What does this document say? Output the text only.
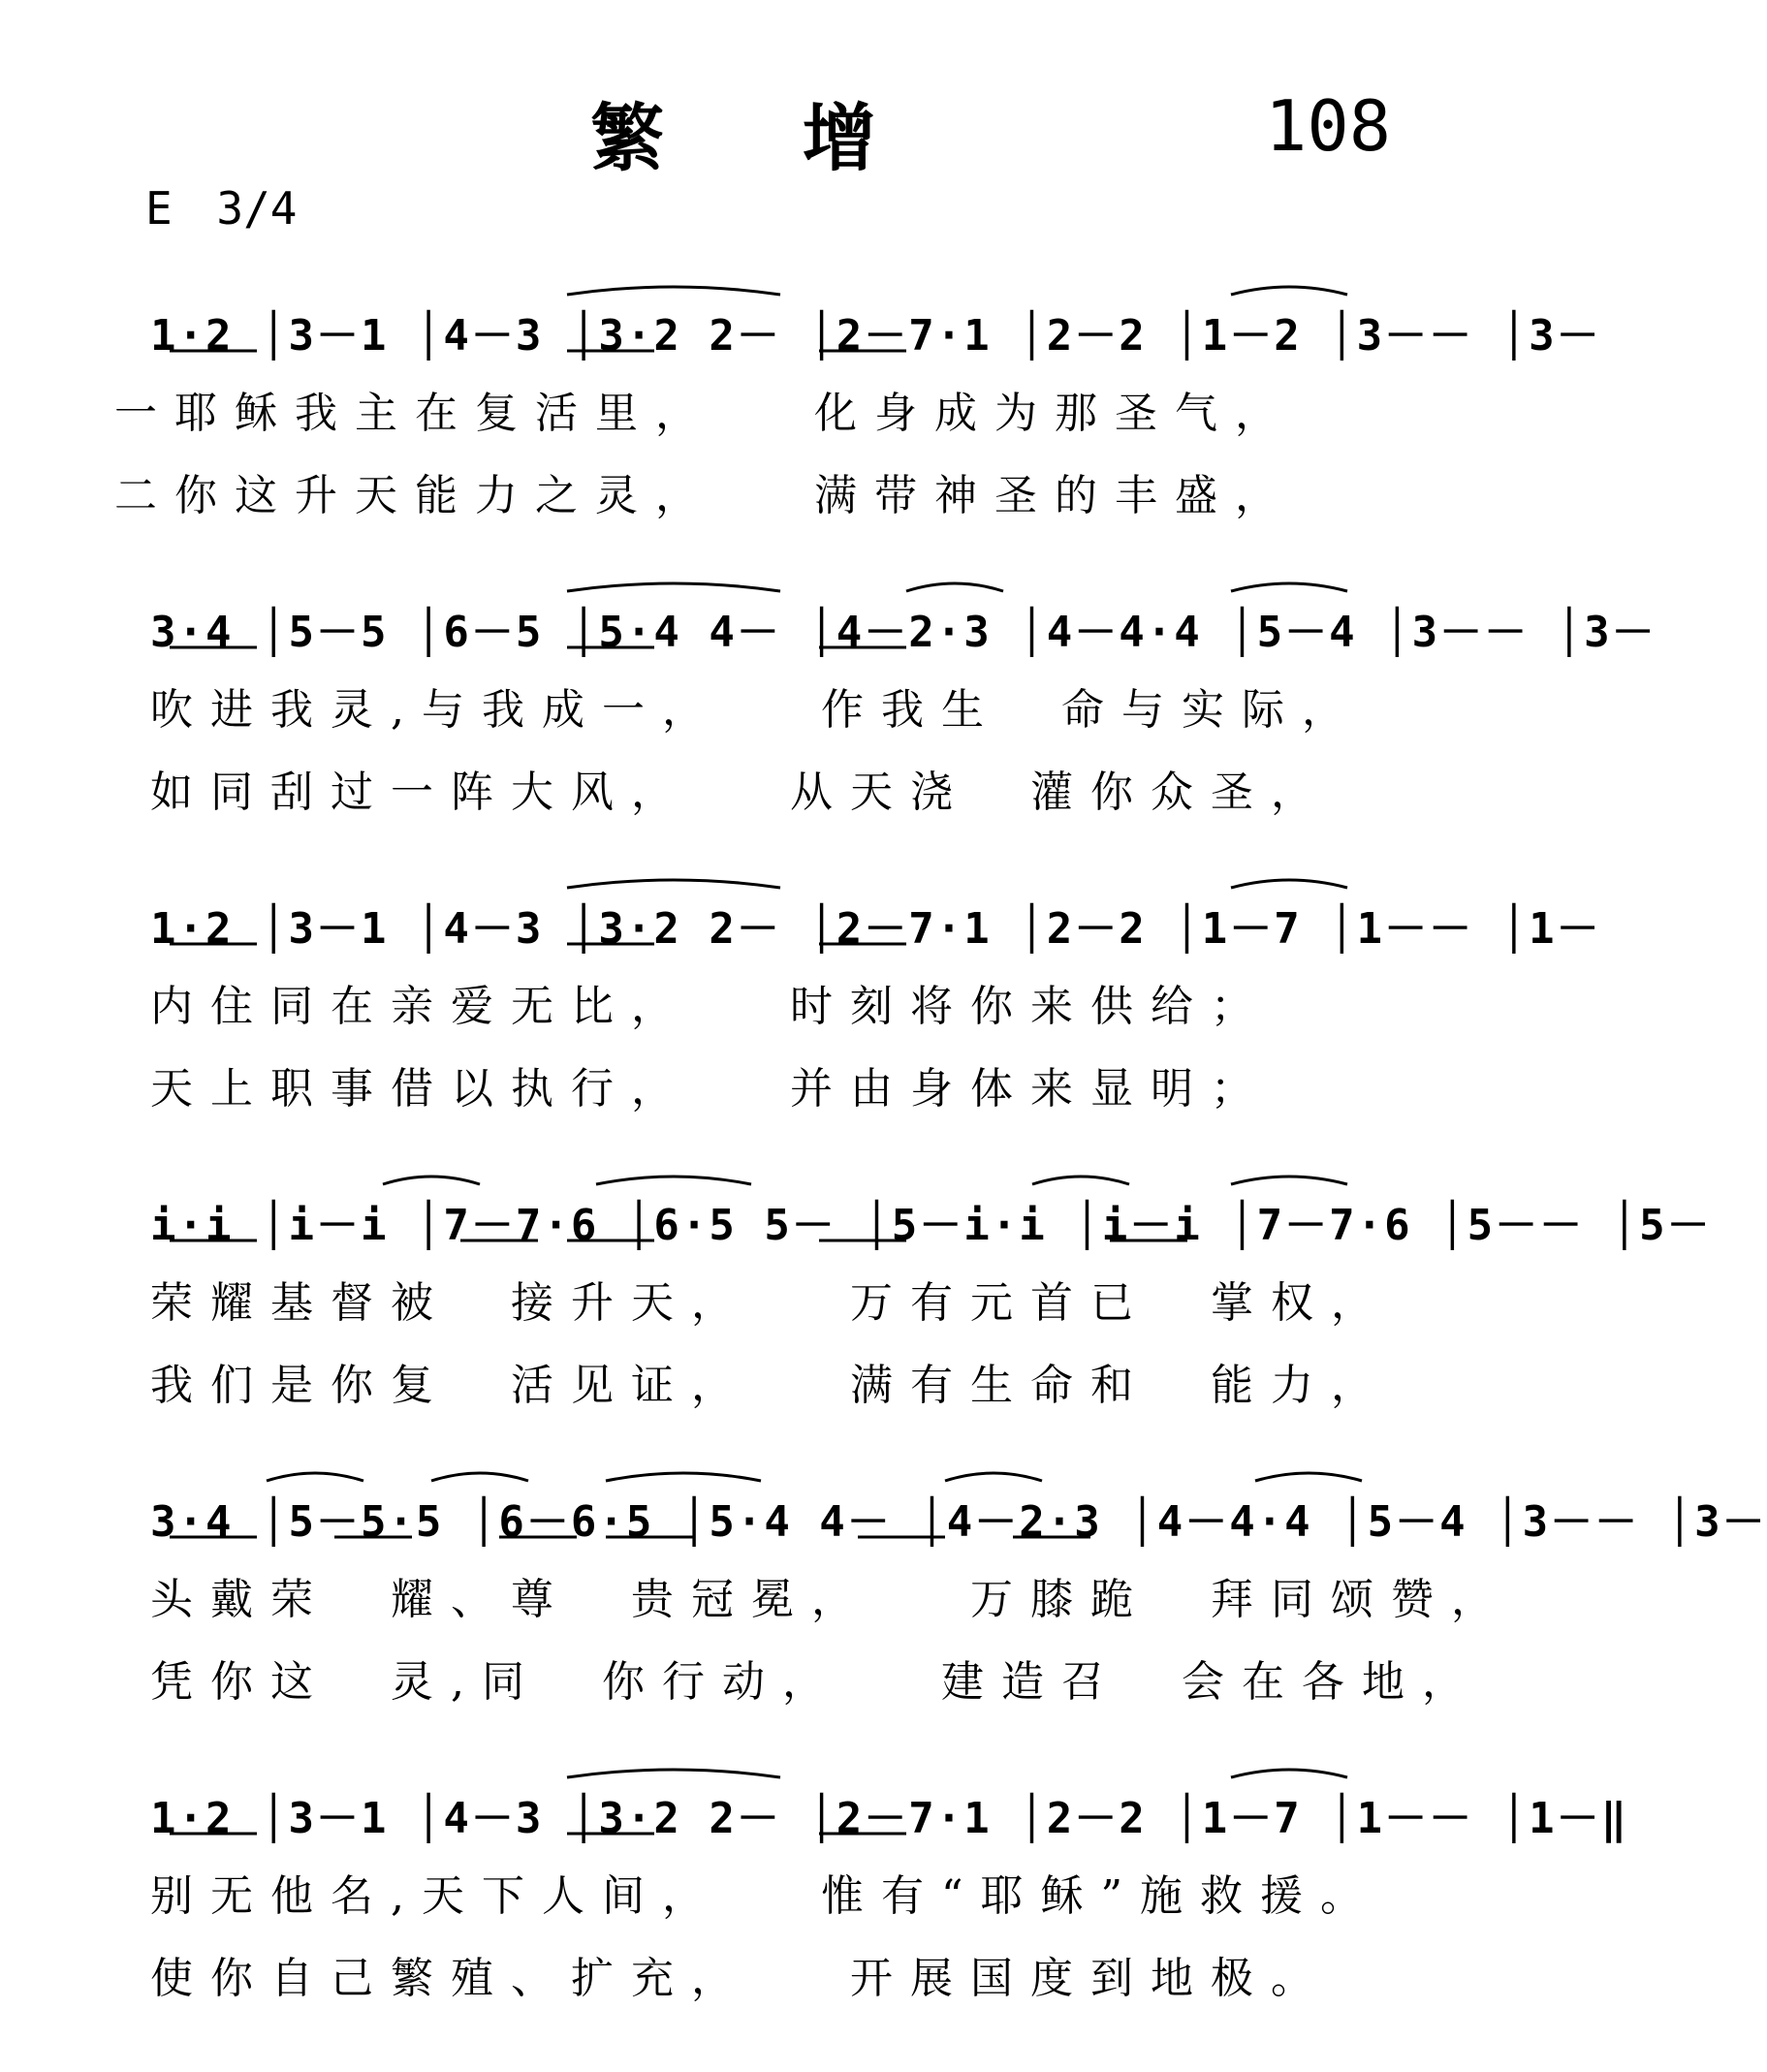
繁 增	108
E 3/4
1·2 │3－1 │4－3 │3·2 2－ │2－7·1 │2－2 │1－2 │3－－ │3－
一耶稣我主在复活里，　　化身成为那圣气，
二你这升天能力之灵，　　满带神圣的丰盛，
3·4 │5－5 │6－5 │5·4 4－ │4－2·3 │4－4·4 │5－4 │3－－ │3－
吹进我灵,与我成一，　　作我生　命与实际，
如同刮过一阵大风，　　从天浇　灌你众圣，
1·2 │3－1 │4－3 │3·2 2－ │2－7·1 │2－2 │1－7 │1－－ │1－
内住同在亲爱无比，　　时刻将你来供给；
天上职事借以执行，　　并由身体来显明；
i·i │i－i │7－7·6 │6·5 5－ │5－i·i │i－i │7－7·6 │5－－ │5－
荣耀基督被　接升天，　　万有元首已　掌权，
我们是你复　活见证，　　满有生命和　能力，
3·4 │5－5·5 │6－6·5 │5·4 4－ │4－2·3 │4－4·4 │5－4 │3－－ │3－
头戴荣　耀、尊　贵冠冕，　　万膝跪　拜同颂赞，
凭你这　灵,同　你行动，　　建造召　会在各地，
1·2 │3－1 │4－3 │3·2 2－ │2－7·1 │2－2 │1－7 │1－－ │1－‖
别无他名,天下人间，　　惟有“耶稣”施救援。
使你自己繁殖、扩充，　　开展国度到地极。
